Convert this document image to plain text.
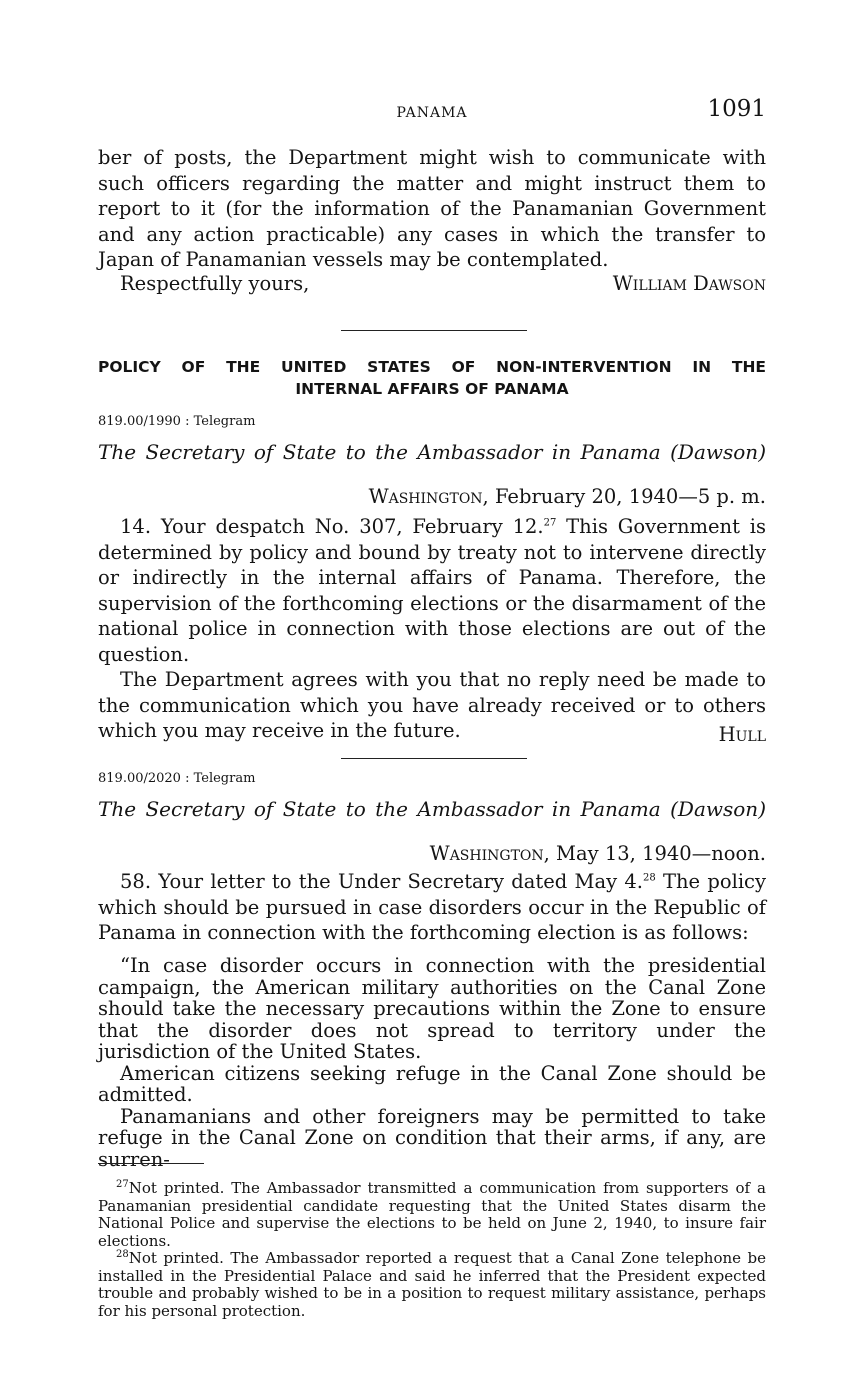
PANAMA	1091

ber of posts, the Department might wish to communicate with such officers regarding the matter and might instruct them to report to it (for the information of the Panamanian Government and any action practicable) any cases in which the transfer to Japan of Panamanian vessels may be contemplated.

Respectfully yours,	William Dawson
POLICY OF THE UNITED STATES OF NON-INTERVENTION IN THE
INTERNAL AFFAIRS OF PANAMA
819.00/1990 : Telegram
The Secretary of State to the Ambassador in Panama (Dawson)
Washington, February 20, 1940—5 p. m.

14. Your despatch No. 307, February 12.27 This Government is determined by policy and bound by treaty not to intervene directly or indirectly in the internal affairs of Panama. Therefore, the supervision of the forthcoming elections or the disarmament of the national police in connection with those elections are out of the question.

The Department agrees with you that no reply need be made to the communication which you have already received or to others which you may receive in the future.	Hull
819.00/2020 : Telegram
The Secretary of State to the Ambassador in Panama (Dawson)
Washington, May 13, 1940—noon.

58. Your letter to the Under Secretary dated May 4.28 The policy which should be pursued in case disorders occur in the Republic of Panama in connection with the forthcoming election is as follows:

“In case disorder occurs in connection with the presidential campaign, the American military authorities on the Canal Zone should take the necessary precautions within the Zone to ensure that the disorder does not spread to territory under the jurisdiction of the United States.

American citizens seeking refuge in the Canal Zone should be admitted.

Panamanians and other foreigners may be permitted to take refuge in the Canal Zone on condition that their arms, if any, are surren-

$^{27}$Not printed. The Ambassador transmitted a communication from supporters of a Panamanian presidential candidate requesting that the United States disarm the National Police and supervise the elections to be held on June 2, 1940, to insure fair elections.

$^{28}$Not printed. The Ambassador reported a request that a Canal Zone telephone be installed in the Presidential Palace and said he inferred that the President expected trouble and probably wished to be in a position to request military assistance, perhaps for his personal protection.
